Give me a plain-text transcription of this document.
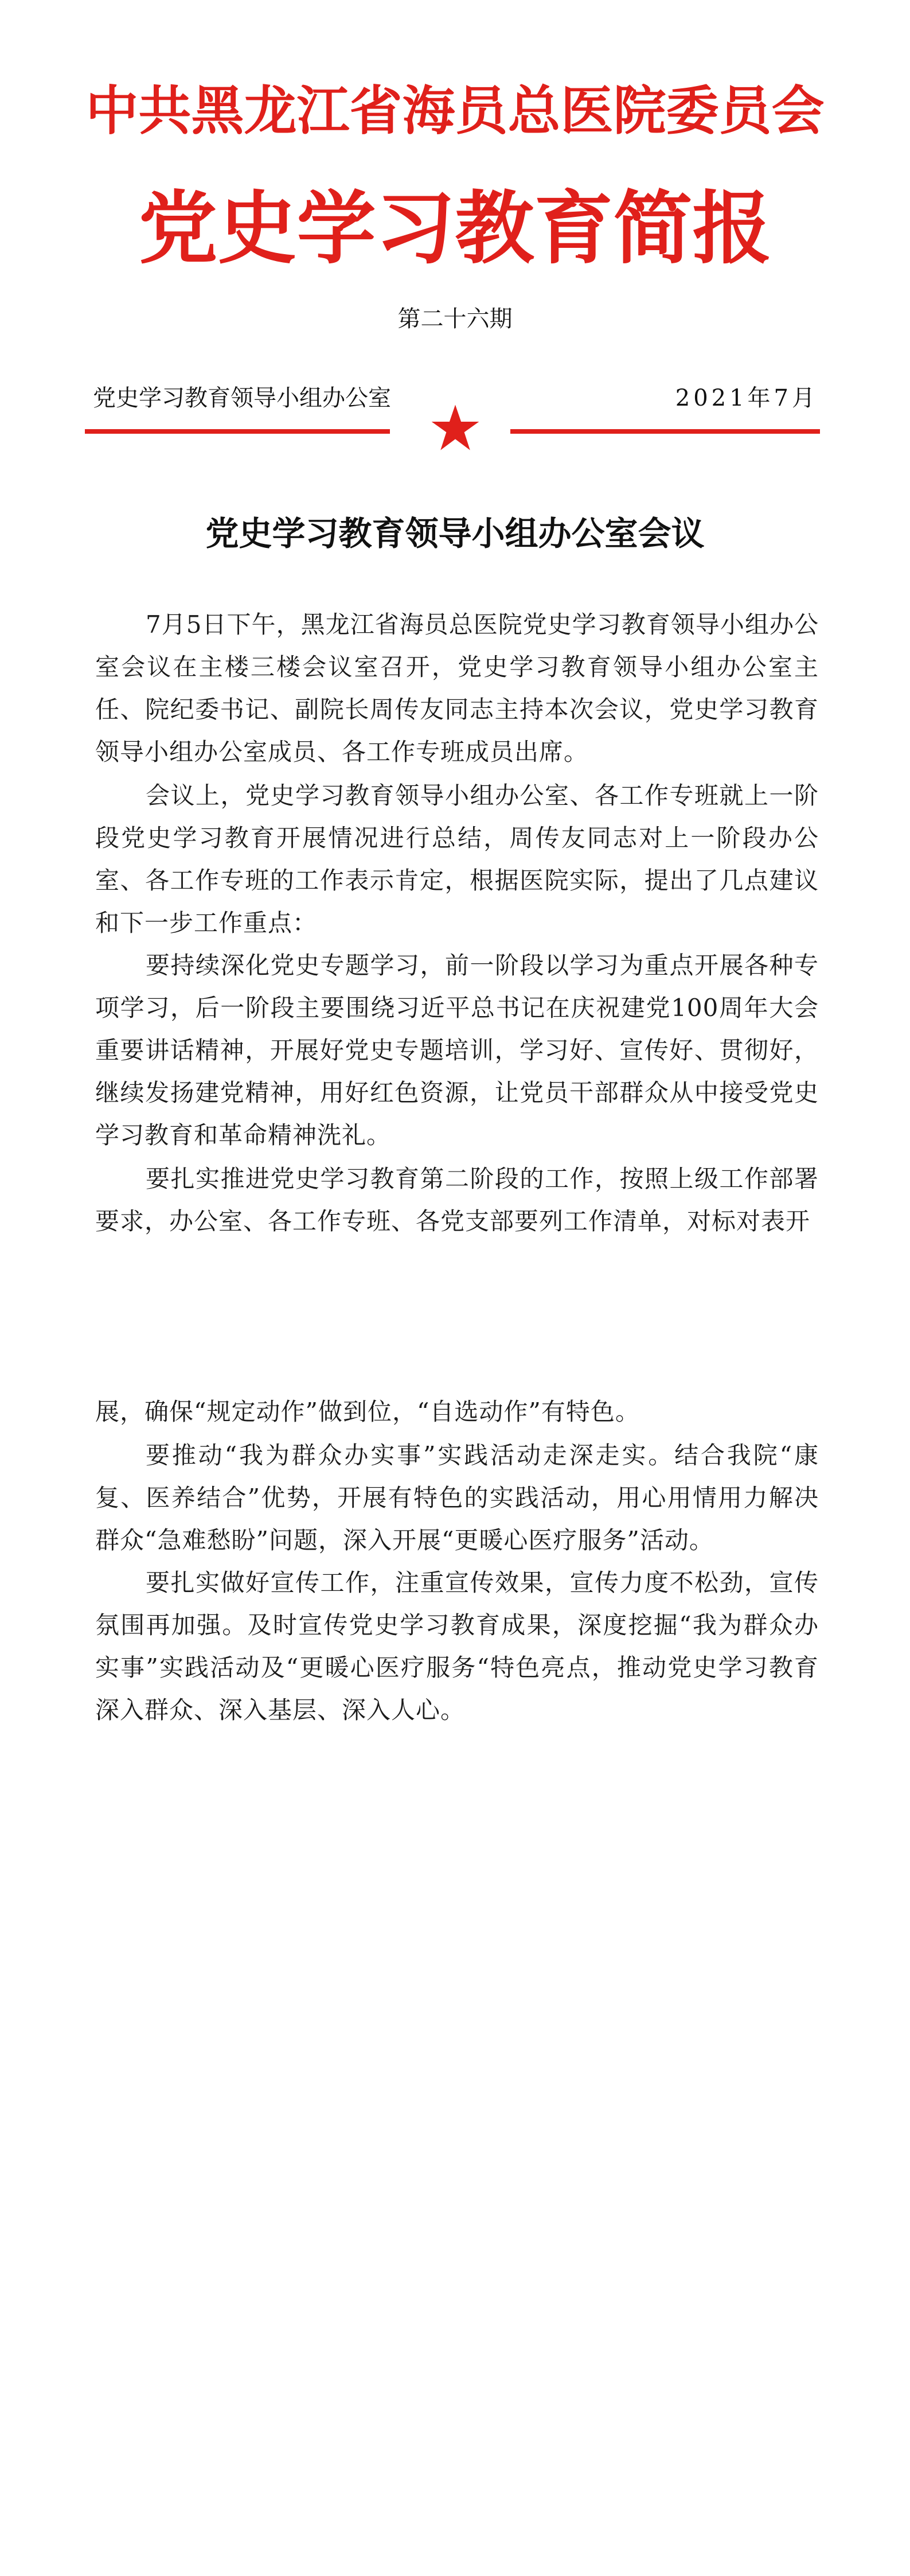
中共黑龙江省海员总医院委员会
党史学习教育简报
第二十六期
党史学习教育领导小组办公室	2021年7月
党史学习教育领导小组办公室会议

7月5日下午，黑龙江省海员总医院党史学习教育领导小组办公室会议在主楼三楼会议室召开，党史学习教育领导小组办公室主任、院纪委书记、副院长周传友同志主持本次会议，党史学习教育领导小组办公室成员、各工作专班成员出席。

会议上，党史学习教育领导小组办公室、各工作专班就上一阶段党史学习教育开展情况进行总结，周传友同志对上一阶段办公室、各工作专班的工作表示肯定，根据医院实际，提出了几点建议和下一步工作重点：

要持续深化党史专题学习，前一阶段以学习为重点开展各种专项学习，后一阶段主要围绕习近平总书记在庆祝建党100周年大会重要讲话精神，开展好党史专题培训，学习好、宣传好、贯彻好，继续发扬建党精神，用好红色资源，让党员干部群众从中接受党史学习教育和革命精神洗礼。

要扎实推进党史学习教育第二阶段的工作，按照上级工作部署要求，办公室、各工作专班、各党支部要列工作清单，对标对表开

展，确保“规定动作”做到位，“自选动作”有特色。

要推动“我为群众办实事”实践活动走深走实。结合我院“康复、医养结合”优势，开展有特色的实践活动，用心用情用力解决群众“急难愁盼”问题，深入开展“更暖心医疗服务”活动。

要扎实做好宣传工作，注重宣传效果，宣传力度不松劲，宣传氛围再加强。及时宣传党史学习教育成果，深度挖掘“我为群众办实事”实践活动及“更暖心医疗服务“特色亮点，推动党史学习教育深入群众、深入基层、深入人心。
